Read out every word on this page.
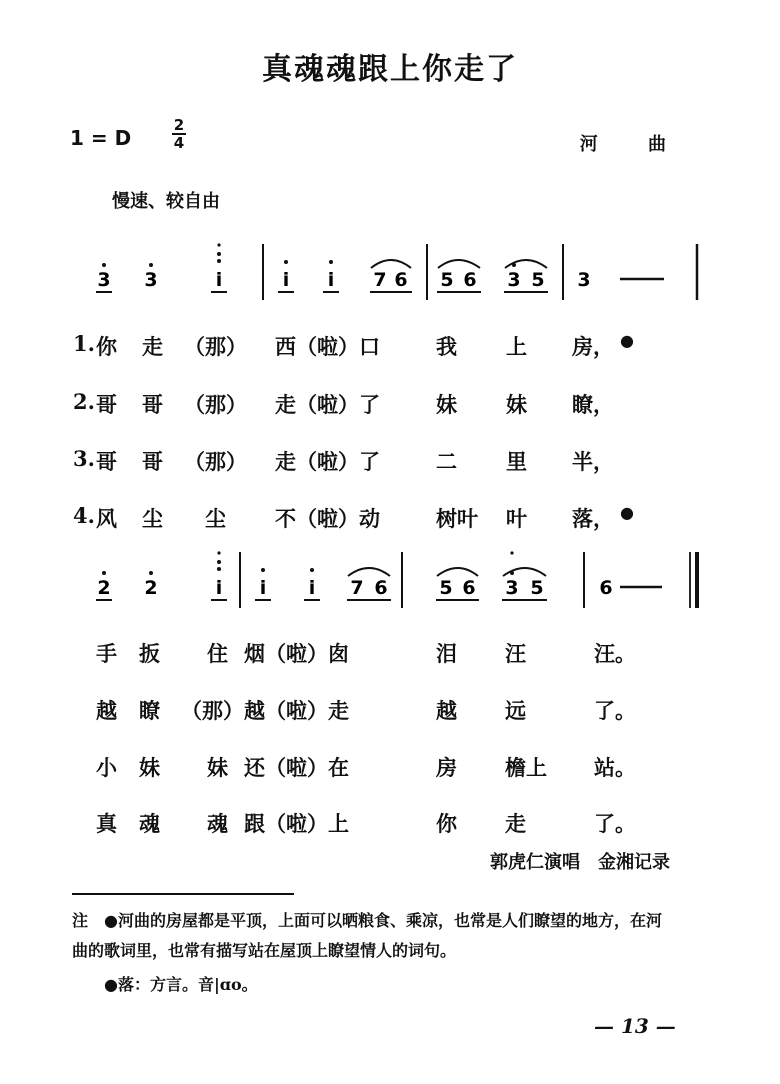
真魂魂跟上你走了
1 = D
2
4	河 曲
慢速、较自由
3 3	i	i i 7 6 5 6 3 5 3
1. 你 走 （那） 西（啦）口	我 上 房， ●
2. 哥 哥 （那） 走（啦）了	妹 妹 瞭，
3. 哥 哥 （那） 走（啦）了	二 里 半，
4. 风 尘 尘 不（啦）动	树叶 叶 落， ●
2 2	i i i 7 6	5 6 3 5	6
手 扳 住 烟（啦）囱	泪 汪	汪。
越 瞭 （那） 越（啦）走	越 远	了。
小 妹 妹 还（啦）在	房 檐上 站。
真 魂 魂 跟（啦）上	你 走	了。
郭虎仁演唱　金湘记录
注 ●河曲的房屋都是平顶，上面可以晒粮食、乘凉，也常是人们瞭望的地方，在河
曲的歌词里，也常有描写站在屋顶上瞭望情人的词句。
●落：方言。音|ɑo。
— 13 —
